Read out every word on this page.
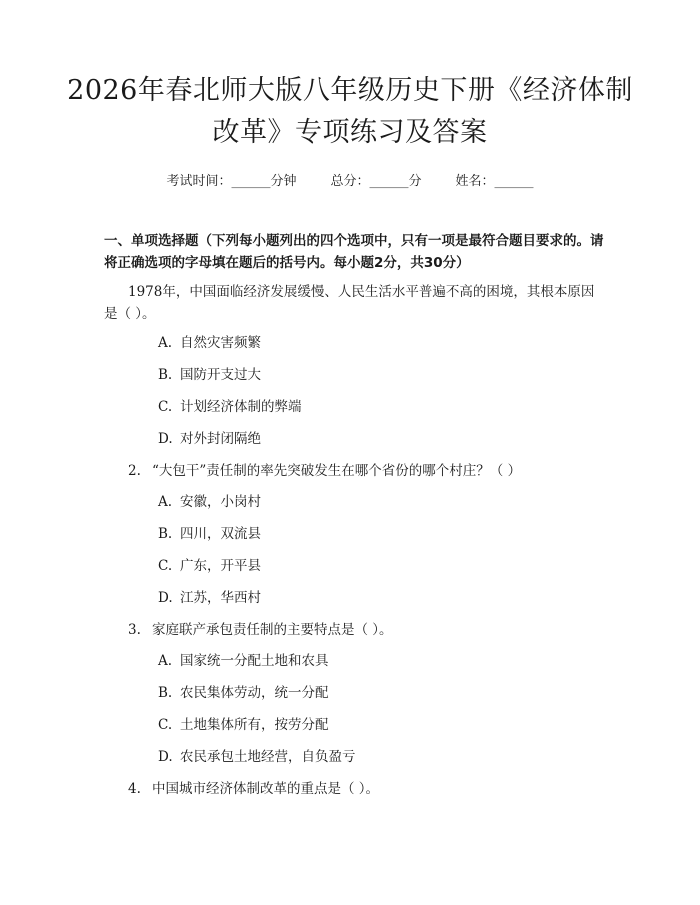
2026年春北师大版八年级历史下册《经济体制改革》专项练习及答案
考试时间：______分钟	总分：______分	姓名：______
一、单项选择题（下列每小题列出的四个选项中，只有一项是最符合题目要求的。请将正确选项的字母填在题后的括号内。每小题2分，共30分）
1978年，中国面临经济发展缓慢、人民生活水平普遍不高的困境，其根本原因是（ ）。
A. 自然灾害频繁
B. 国防开支过大
C. 计划经济体制的弊端
D. 对外封闭隔绝
2. “大包干”责任制的率先突破发生在哪个省份的哪个村庄？（ ）
A. 安徽，小岗村
B. 四川，双流县
C. 广东，开平县
D. 江苏，华西村
3. 家庭联产承包责任制的主要特点是（ ）。
A. 国家统一分配土地和农具
B. 农民集体劳动，统一分配
C. 土地集体所有，按劳分配
D. 农民承包土地经营，自负盈亏
4. 中国城市经济体制改革的重点是（ ）。
